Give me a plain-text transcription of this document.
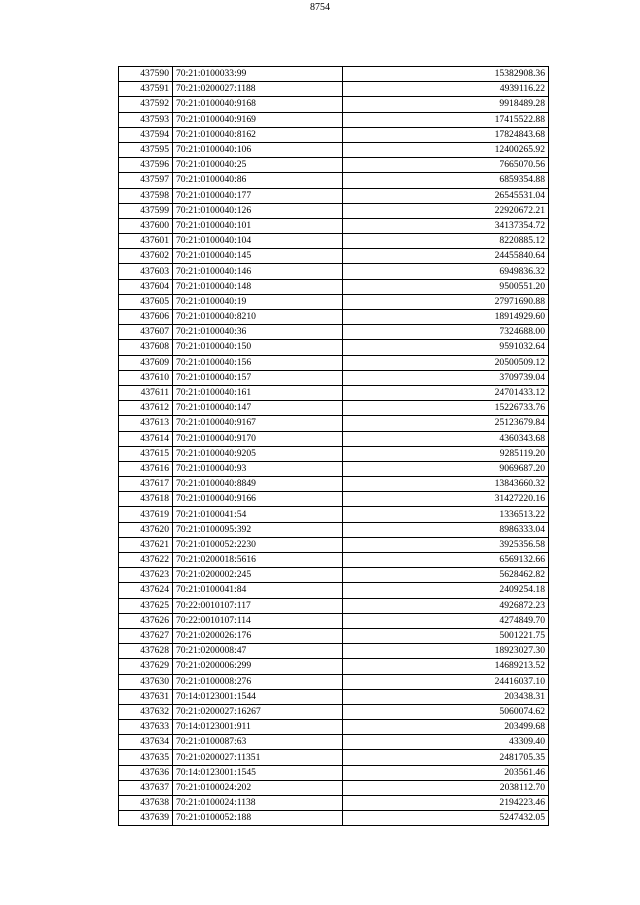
8754
437590	70:21:0100033:99	15382908.36
437591	70:21:0200027:1188	4939116.22
437592	70:21:0100040:9168	9918489.28
437593	70:21:0100040:9169	17415522.88
437594	70:21:0100040:8162	17824843.68
437595	70:21:0100040:106	12400265.92
437596	70:21:0100040:25	7665070.56
437597	70:21:0100040:86	6859354.88
437598	70:21:0100040:177	26545531.04
437599	70:21:0100040:126	22920672.21
437600	70:21:0100040:101	34137354.72
437601	70:21:0100040:104	8220885.12
437602	70:21:0100040:145	24455840.64
437603	70:21:0100040:146	6949836.32
437604	70:21:0100040:148	9500551.20
437605	70:21:0100040:19	27971690.88
437606	70:21:0100040:8210	18914929.60
437607	70:21:0100040:36	7324688.00
437608	70:21:0100040:150	9591032.64
437609	70:21:0100040:156	20500509.12
437610	70:21:0100040:157	3709739.04
437611	70:21:0100040:161	24701433.12
437612	70:21:0100040:147	15226733.76
437613	70:21:0100040:9167	25123679.84
437614	70:21:0100040:9170	4360343.68
437615	70:21:0100040:9205	9285119.20
437616	70:21:0100040:93	9069687.20
437617	70:21:0100040:8849	13843660.32
437618	70:21:0100040:9166	31427220.16
437619	70:21:0100041:54	1336513.22
437620	70:21:0100095:392	8986333.04
437621	70:21:0100052:2230	3925356.58
437622	70:21:0200018:5616	6569132.66
437623	70:21:0200002:245	5628462.82
437624	70:21:0100041:84	2409254.18
437625	70:22:0010107:117	4926872.23
437626	70:22:0010107:114	4274849.70
437627	70:21:0200026:176	5001221.75
437628	70:21:0200008:47	18923027.30
437629	70:21:0200006:299	14689213.52
437630	70:21:0100008:276	24416037.10
437631	70:14:0123001:1544	203438.31
437632	70:21:0200027:16267	5060074.62
437633	70:14:0123001:911	203499.68
437634	70:21:0100087:63	43309.40
437635	70:21:0200027:11351	2481705.35
437636	70:14:0123001:1545	203561.46
437637	70:21:0100024:202	2038112.70
437638	70:21:0100024:1138	2194223.46
437639	70:21:0100052:188	5247432.05
